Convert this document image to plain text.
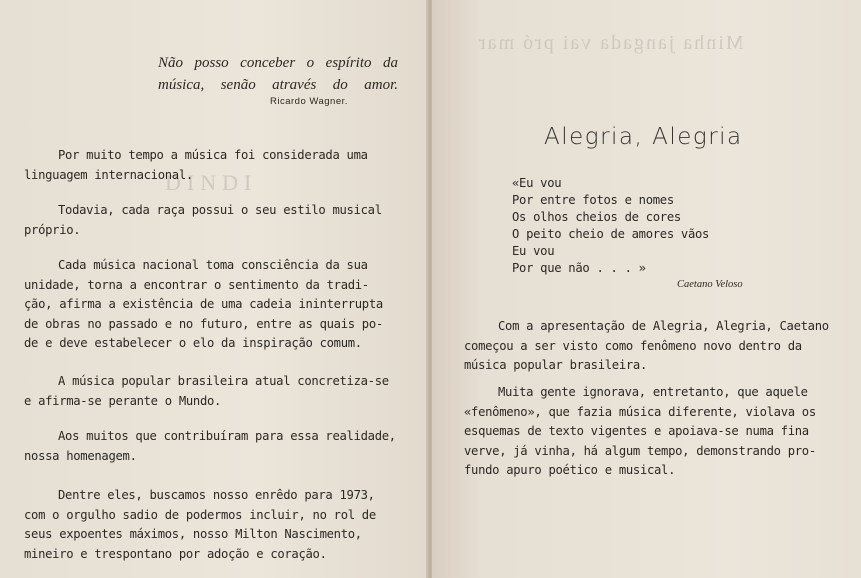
DINDI
Não posso conceber o espírito da
música, senão através do amor.
Ricardo Wagner.
Por muito tempo a música foi considerada uma
linguagem internacional.
Todavia, cada raça possui o seu estilo musical
próprio.
Cada música nacional toma consciência da sua
unidade, torna a encontrar o sentimento da tradi-
ção, afirma a existência de uma cadeia ininterrupta
de obras no passado e no futuro, entre as quais po-
de e deve estabelecer o elo da inspiração comum.
A música popular brasileira atual concretiza-se
e afirma-se perante o Mundo.
Aos muitos que contribuíram para essa realidade,
nossa homenagem.
Dentre eles, buscamos nosso enrêdo para 1973,
com o orgulho sadio de podermos incluir, no rol de
seus expoentes máximos, nosso Milton Nascimento,
mineiro e trespontano por adoção e coração.
Minha jangada vai pró mar
Alegria, Alegria
«Eu vou
Por entre fotos e nomes
Os olhos cheios de cores
O peito cheio de amores vãos
Eu vou
Por que não . . . »
Caetano Veloso
Com a apresentação de Alegria, Alegria, Caetano
começou a ser visto como fenômeno novo dentro da
música popular brasileira.
Muita gente ignorava, entretanto, que aquele
«fenômeno», que fazia música diferente, violava os
esquemas de texto vigentes e apoiava-se numa fina
verve, já vinha, há algum tempo, demonstrando pro-
fundo apuro poético e musical.
